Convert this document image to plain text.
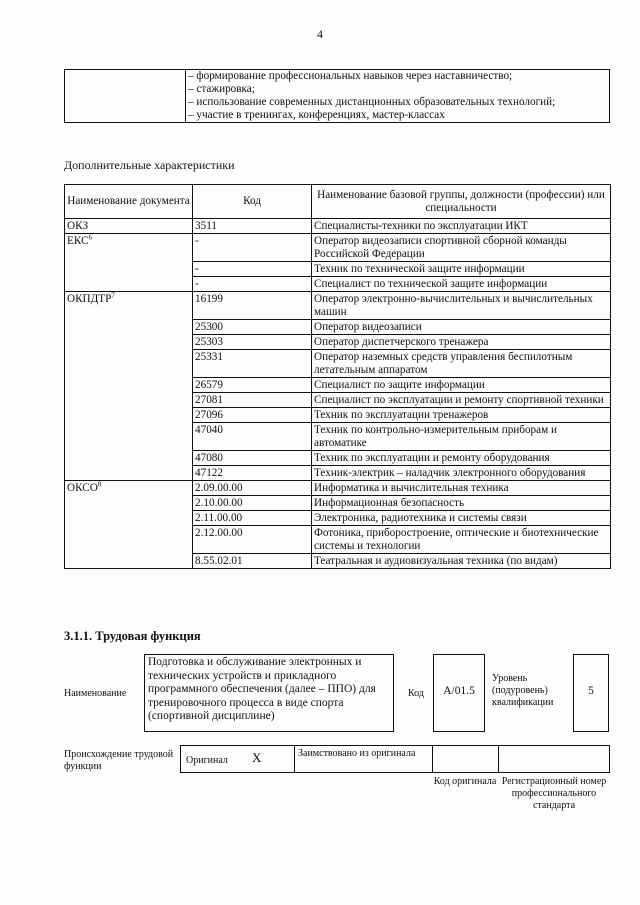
4

– формирование профессиональных навыков через наставничество;
– стажировка;
– использование современных дистанционных образовательных технологий;
– участие в тренингах, конференциях, мастер-классах
Дополнительные характеристики
Наименование документа	Код	Наименование базовой группы, должности (профессии) или специальности
ОКЗ	3511	Специалисты-техники по эксплуатации ИКТ
ЕКС$^6$	-	Оператор видеозаписи спортивной сборной команды Российской Федерации
	-	Техник по технической защите информации
	-	Специалист по технической защите информации
ОКПДТР$^7$	16199	Оператор электронно-вычислительных и вычислительных машин
	25300	Оператор видеозаписи
	25303	Оператор диспетчерского тренажера
	25331	Оператор наземных средств управления беспилотным летательным аппаратом
	26579	Специалист по защите информации
	27081	Специалист по эксплуатации и ремонту спортивной техники
	27096	Техник по эксплуатации тренажеров
	47040	Техник по контрольно-измерительным приборам и автоматике
	47080	Техник по эксплуатации и ремонту оборудования
	47122	Техник-электрик – наладчик электронного оборудования
ОКСО$^8$	2.09.00.00	Информатика и вычислительная техника
	2.10.00.00	Информационная безопасность
	2.11.00.00	Электроника, радиотехника и системы связи
	2.12.00.00	Фотоника, приборостроение, оптические и биотехнические системы и технологии
	8.55.02.01	Театральная и аудиовизуальная техника (по видам)
3.1.1. Трудовая функция
Наименование
Подготовка и обслуживание электронных и технических устройств и прикладного программного обеспечения (далее – ППО) для тренировочного процесса в виде спорта (спортивной дисциплине)
Код	A/01.5
Уровень (подуровень) квалификации
5
Происхождение трудовой функции
Оригинал X	Заимствовано из оригинала
Код оригинала Регистрационный номер профессионального стандарта
